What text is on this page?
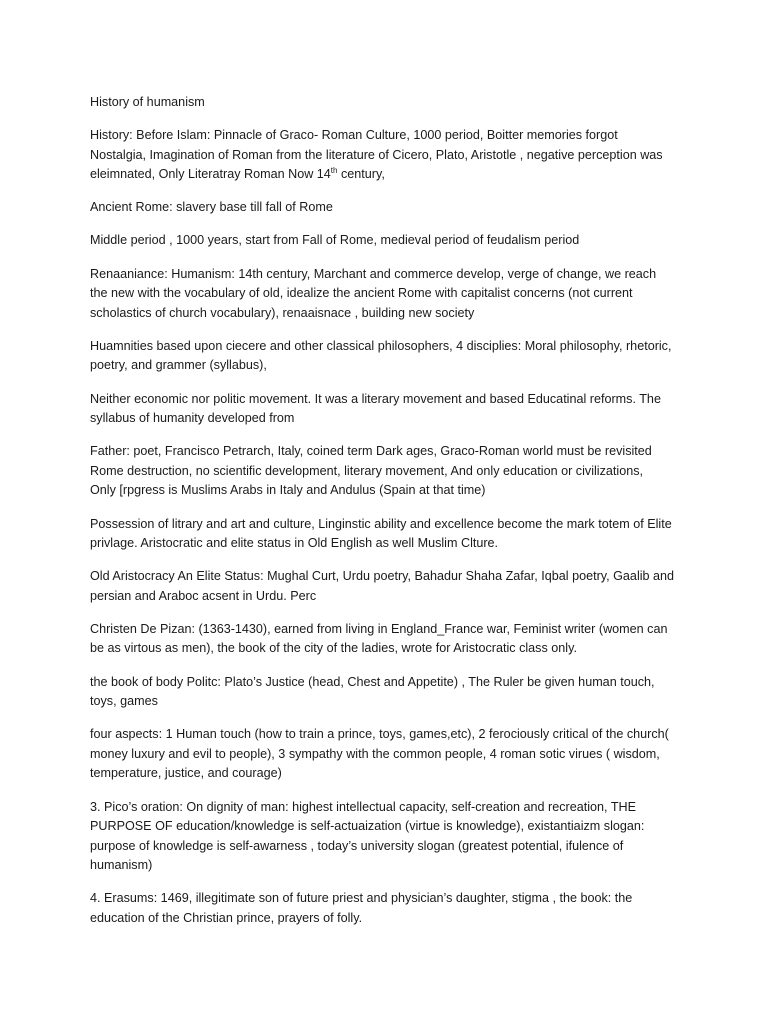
History of humanism

History: Before Islam: Pinnacle of Graco- Roman Culture, 1000 period, Boitter memories forgot
Nostalgia, Imagination of Roman from the literature of Cicero, Plato, Aristotle , negative perception was
eleimnated, Only Literatray Roman Now 14th century,

Ancient Rome: slavery base till fall of Rome

Middle period , 1000 years, start from Fall of Rome, medieval period of feudalism period

Renaaniance: Humanism: 14th century, Marchant and commerce develop, verge of change, we reach
the new with the vocabulary of old, idealize the ancient Rome with capitalist concerns (not current
scholastics of church vocabulary), renaaisnace , building new society

Huamnities based upon ciecere and other classical philosophers, 4 disciplies: Moral philosophy, rhetoric,
poetry, and grammer (syllabus),

Neither economic nor politic movement. It was a literary movement and based Educatinal reforms. The
syllabus of humanity developed from

Father: poet, Francisco Petrarch, Italy, coined term Dark ages, Graco-Roman world must be revisited
Rome destruction, no scientific development, literary movement, And only education or civilizations,
Only [rpgress is Muslims Arabs in Italy and Andulus (Spain at that time)

Possession of litrary and art and culture, Linginstic ability and excellence become the mark totem of Elite
privlage. Aristocratic and elite status in Old English as well Muslim Clture.

Old Aristocracy An Elite Status: Mughal Curt, Urdu poetry, Bahadur Shaha Zafar, Iqbal poetry, Gaalib and
persian and Araboc acsent in Urdu. Perc

Christen De Pizan: (1363-1430), earned from living in England_France war, Feminist writer (women can
be as virtous as men), the book of the city of the ladies, wrote for Aristocratic class only.

the book of body Politc: Plato’s Justice (head, Chest and Appetite) , The Ruler be given human touch,
toys, games

four aspects: 1 Human touch (how to train a prince, toys, games,etc), 2 ferociously critical of the church(
money luxury and evil to people), 3 sympathy with the common people, 4 roman sotic virues ( wisdom,
temperature, justice, and courage)

3. Pico’s oration: On dignity of man: highest intellectual capacity, self-creation and recreation, THE
PURPOSE OF education/knowledge is self-actuaization (virtue is knowledge), existantiaizm slogan:
purpose of knowledge is self-awarness , today’s university slogan (greatest potential, ifulence of
humanism)

4. Erasums: 1469, illegitimate son of future priest and physician’s daughter, stigma , the book: the
education of the Christian prince, prayers of folly.
